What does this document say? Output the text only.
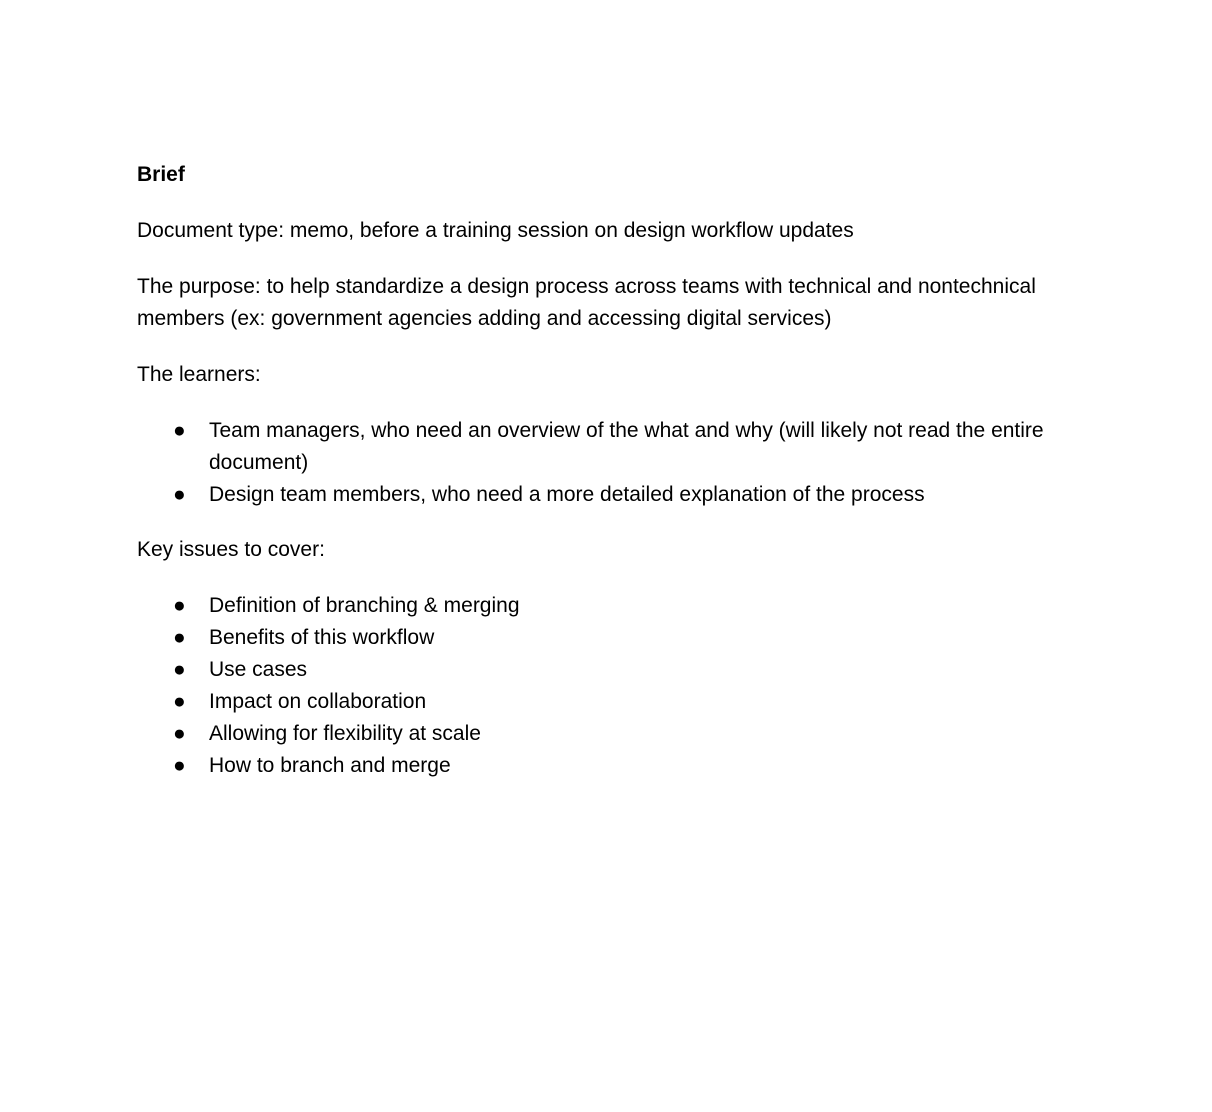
Brief
Document type: memo, before a training session on design workflow updates
The purpose: to help standardize a design process across teams with technical and nontechnical members (ex: government agencies adding and accessing digital services)
The learners:
●	Team managers, who need an overview of the what and why (will likely not read the entire document)
●	Design team members, who need a more detailed explanation of the process
Key issues to cover:
●	Definition of branching & merging
●	Benefits of this workflow
●	Use cases
●	Impact on collaboration
●	Allowing for flexibility at scale
●	How to branch and merge
